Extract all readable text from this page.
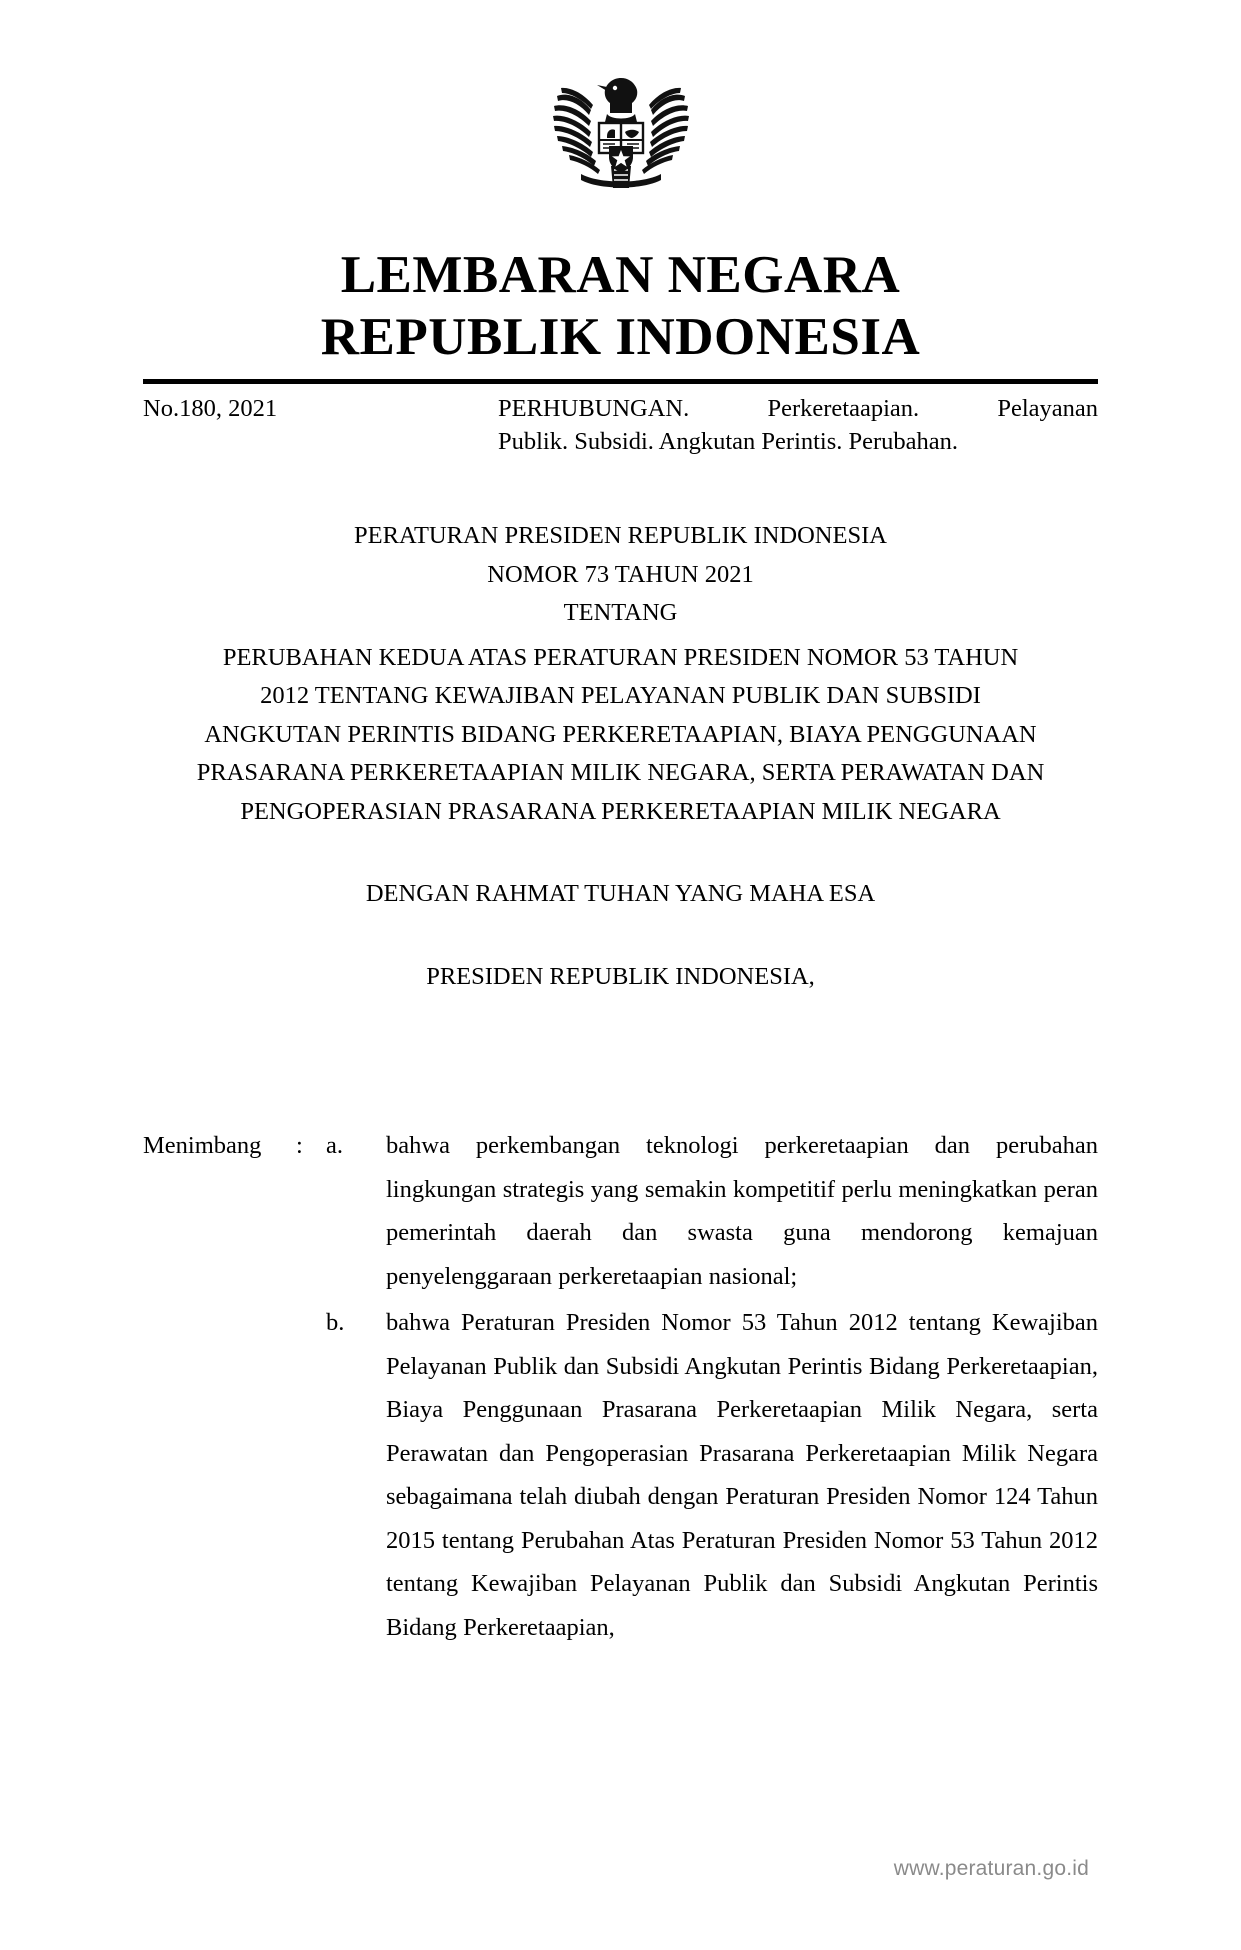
LEMBARAN NEGARA
REPUBLIK INDONESIA
No.180, 2021	PERHUBUNGAN. Perkeretaapian. Pelayanan
Publik. Subsidi. Angkutan Perintis. Perubahan.
PERATURAN PRESIDEN REPUBLIK INDONESIA
NOMOR 73 TAHUN 2021
TENTANG
PERUBAHAN KEDUA ATAS PERATURAN PRESIDEN NOMOR 53 TAHUN
2012 TENTANG KEWAJIBAN PELAYANAN PUBLIK DAN SUBSIDI
ANGKUTAN PERINTIS BIDANG PERKERETAAPIAN, BIAYA PENGGUNAAN
PRASARANA PERKERETAAPIAN MILIK NEGARA, SERTA PERAWATAN DAN
PENGOPERASIAN PRASARANA PERKERETAAPIAN MILIK NEGARA
DENGAN RAHMAT TUHAN YANG MAHA ESA
PRESIDEN REPUBLIK INDONESIA,
Menimbang	: a.	bahwa perkembangan teknologi perkeretaapian dan perubahan lingkungan strategis yang semakin kompetitif perlu meningkatkan peran pemerintah daerah dan swasta guna mendorong kemajuan penyelenggaraan perkeretaapian nasional;
b.	bahwa Peraturan Presiden Nomor 53 Tahun 2012 tentang Kewajiban Pelayanan Publik dan Subsidi Angkutan Perintis Bidang Perkeretaapian, Biaya Penggunaan Prasarana Perkeretaapian Milik Negara, serta Perawatan dan Pengoperasian Prasarana Perkeretaapian Milik Negara sebagaimana telah diubah dengan Peraturan Presiden Nomor 124 Tahun 2015 tentang Perubahan Atas Peraturan Presiden Nomor 53 Tahun 2012 tentang Kewajiban Pelayanan Publik dan Subsidi Angkutan Perintis Bidang Perkeretaapian,
www.peraturan.go.id
